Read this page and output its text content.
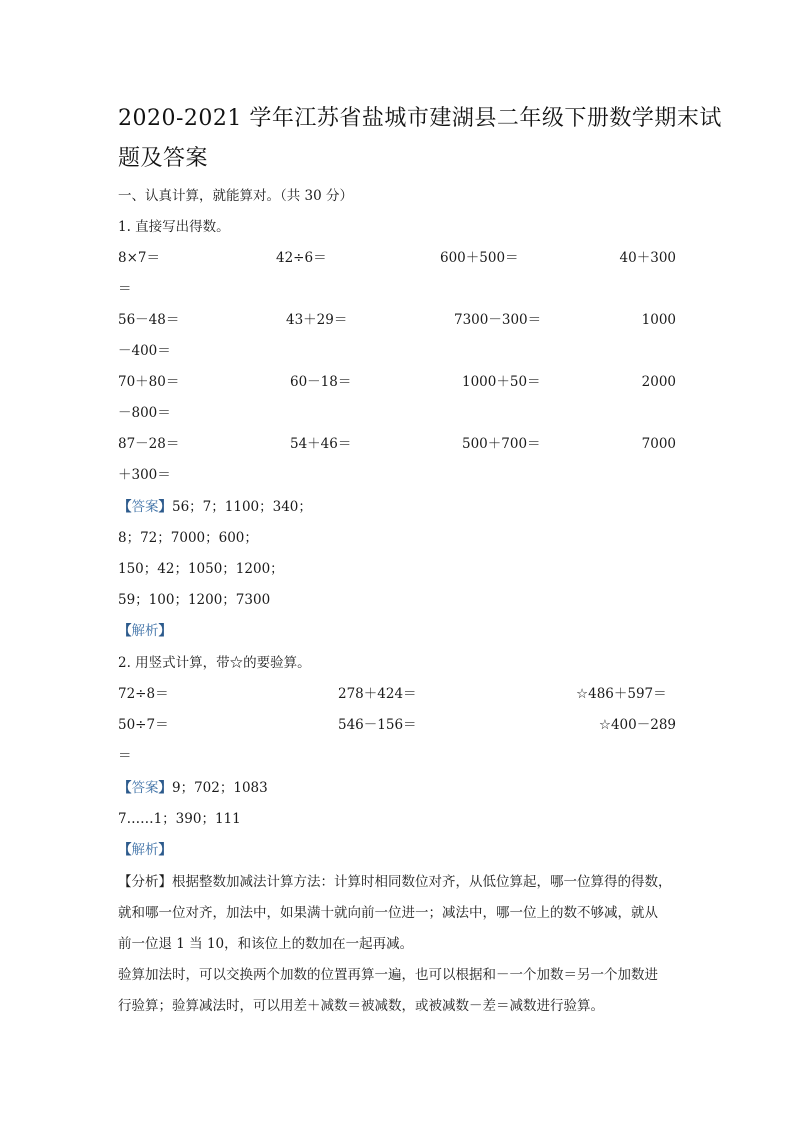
2020-2021 学年江苏省盐城市建湖县二年级下册数学期末试
题及答案
一、认真计算，就能算对。（共 30 分）
1. 直接写出得数。
8×7＝	42÷6＝	600＋500＝	40＋300
＝
56－48＝	43＋29＝	7300－300＝	1000
－400＝
70＋80＝	60－18＝	1000＋50＝	2000
－800＝
87－28＝	54＋46＝	500＋700＝	7000
＋300＝
【答案】56；7；1100；340；
8；72；7000；600；
150；42；1050；1200；
59；100；1200；7300
【解析】
2. 用竖式计算，带☆的要验算。
72÷8＝	278＋424＝	☆486＋597＝
50÷7＝	546－156＝	☆400－289
＝
【答案】9；702；1083
7……1；390；111
【解析】
【分析】根据整数加减法计算方法：计算时相同数位对齐，从低位算起，哪一位算得的得数，
就和哪一位对齐，加法中，如果满十就向前一位进一；减法中，哪一位上的数不够减，就从
前一位退 1 当 10，和该位上的数加在一起再减。
验算加法时，可以交换两个加数的位置再算一遍，也可以根据和－一个加数＝另一个加数进
行验算；验算减法时，可以用差＋减数＝被减数，或被减数－差＝减数进行验算。
